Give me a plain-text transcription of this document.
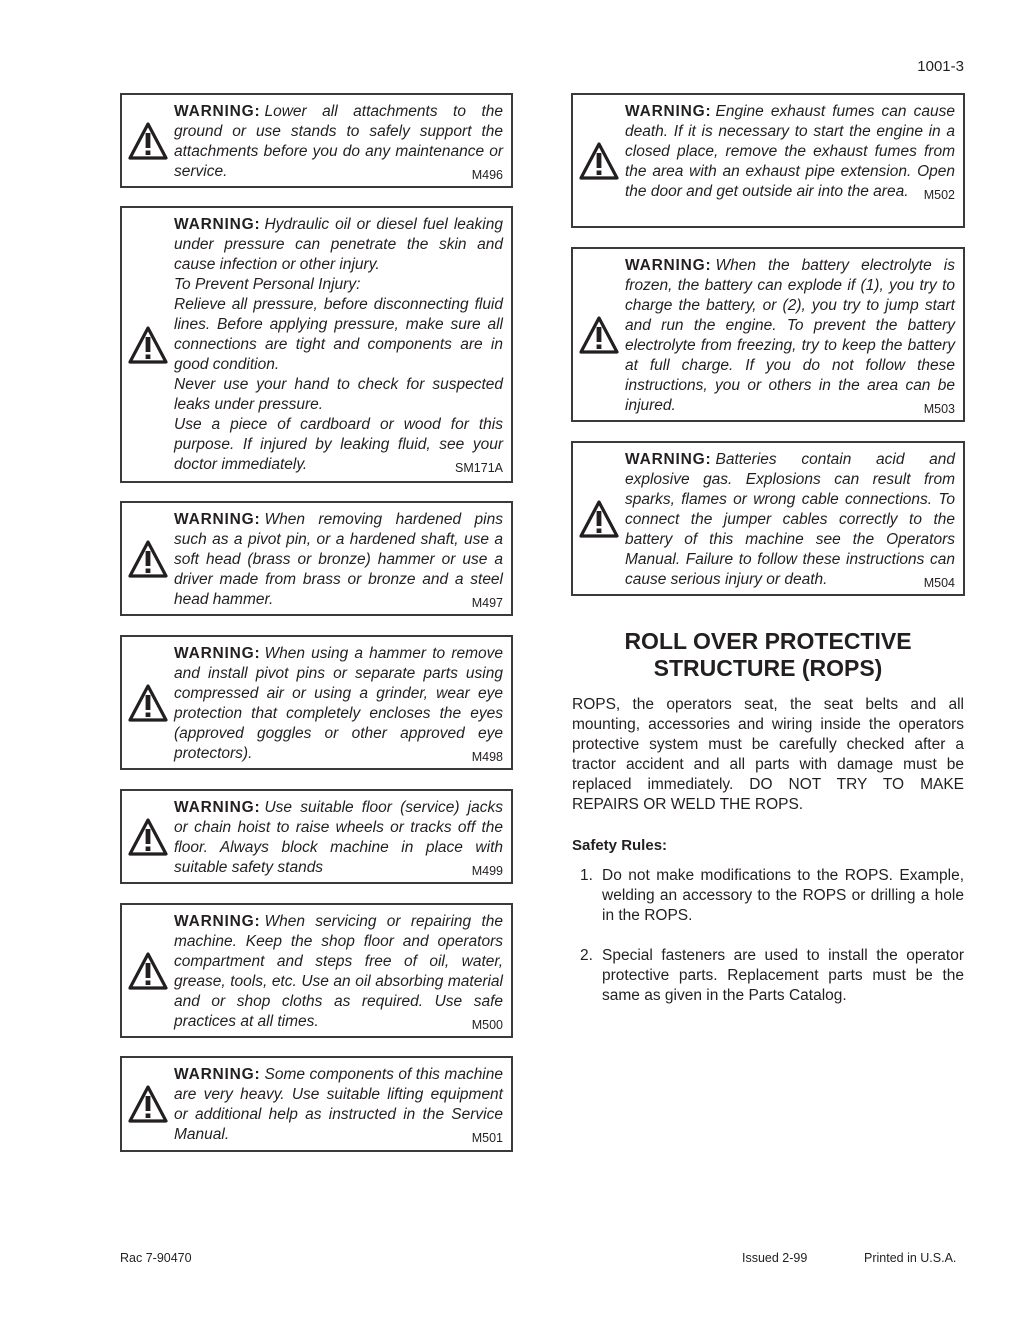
1001-3
WARNING: Lower all attachments to the ground or use stands to safely support the attachments before you do any maintenance or service.	M496

WARNING: Hydraulic oil or diesel fuel leaking under pressure can penetrate the skin and cause infection or other injury.

To Prevent Personal Injury:

Relieve all pressure, before disconnecting fluid lines. Before applying pressure, make sure all connections are tight and components are in good condition.

Never use your hand to check for suspected leaks under pressure.

Use a piece of cardboard or wood for this purpose. If injured by leaking fluid, see your doctor immediately.	SM171A

WARNING: When removing hardened pins such as a pivot pin, or a hardened shaft, use a soft head (brass or bronze) hammer or use a driver made from brass or bronze and a steel head hammer.	M497
WARNING: When using a hammer to remove and install pivot pins or separate parts using compressed air or using a grinder, wear eye protection that completely encloses the eyes (approved goggles or other approved eye protectors).	M498
WARNING: Use suitable floor (service) jacks or chain hoist to raise wheels or tracks off the floor. Always block machine in place with suitable safety stands	M499
WARNING: When servicing or repairing the machine. Keep the shop floor and operators compartment and steps free of oil, water, grease, tools, etc. Use an oil absorbing material and or shop cloths as required. Use safe practices at all times.	M500
WARNING: Some components of this machine are very heavy. Use suitable lifting equipment or additional help as instructed in the Service Manual.	M501
WARNING: Engine exhaust fumes can cause death. If it is necessary to start the engine in a closed place, remove the exhaust fumes from the area with an exhaust pipe extension. Open the door and get outside air into the area. M502
WARNING: When the battery electrolyte is frozen, the battery can explode if (1), you try to charge the battery, or (2), you try to jump start and run the engine. To prevent the battery electrolyte from freezing, try to keep the battery at full charge. If you do not follow these instructions, you or others in the area can be injured.	M503
WARNING: Batteries contain acid and explosive gas. Explosions can result from sparks, flames or wrong cable connections. To connect the jumper cables correctly to the battery of this machine see the Operators Manual. Failure to follow these instructions can cause serious injury or death.	M504
ROLL OVER PROTECTIVE
STRUCTURE (ROPS)
ROPS, the operators seat, the seat belts and all mounting, accessories and wiring inside the operators protective system must be carefully checked after a tractor accident and all parts with damage must be replaced immediately. DO NOT TRY TO MAKE REPAIRS OR WELD THE ROPS.
Safety Rules:
1. Do not make modifications to the ROPS. Example, welding an accessory to the ROPS or drilling a hole in the ROPS.
2. Special fasteners are used to install the operator protective parts. Replacement parts must be the same as given in the Parts Catalog.
Rac 7-90470	Issued 2-99	Printed in U.S.A.
